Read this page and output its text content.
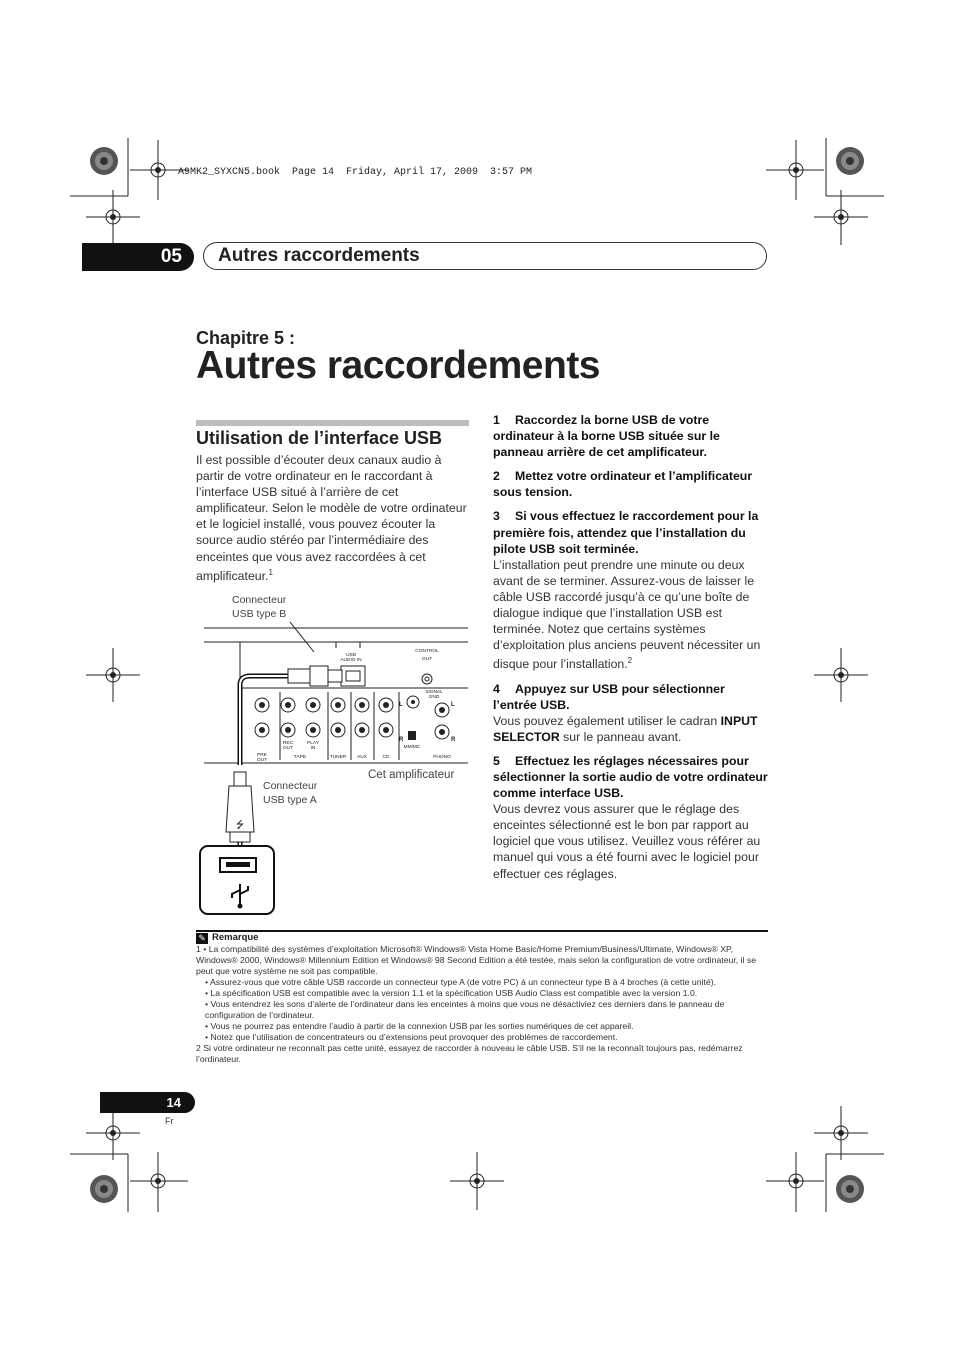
A9MK2_SYXCN5.book  Page 14  Friday, April 17, 2009  3:57 PM
05	Autres raccordements
Chapitre 5 :
Autres raccordements
Utilisation de l’interface USB
Il est possible d’écouter deux canaux audio à partir de votre ordinateur en le raccordant à l’interface USB situé à l’arrière de cet amplificateur. Selon le modèle de votre ordinateur et le logiciel installé, vous pouvez écouter la source audio stéréo par l’intermédiaire des enceintes que vous avez raccordées à cet amplificateur.$^1$
Connecteur
USB type B
Connecteur
USB type A
Cet amplificateur
⭍
USB
AUDIO IN
CONTROL
OUT
SIGNAL
GND
MM/MC
PRE
OUT
REC
OUT
PLAY
IN
TAPE	TUNER AUX	CD	PHONO
L	L
R	R

1 Raccordez la borne USB de votre ordinateur à la borne USB située sur le panneau arrière de cet amplificateur.

2 Mettez votre ordinateur et l’amplificateur sous tension.

3 Si vous effectuez le raccordement pour la première fois, attendez que l’installation du pilote USB soit terminée.

L’installation peut prendre une minute ou deux avant de se terminer. Assurez-vous de laisser le câble USB raccordé jusqu’à ce qu’une boîte de dialogue indique que l’installation USB est terminée. Notez que certains systèmes d’exploitation plus anciens peuvent nécessiter un disque pour l’installation.$^2$

4 Appuyez sur USB pour sélectionner l’entrée USB.

Vous pouvez également utiliser le cadran INPUT SELECTOR sur le panneau avant.

5 Effectuez les réglages nécessaires pour sélectionner la sortie audio de votre ordinateur comme interface USB.

Vous devrez vous assurer que le réglage des enceintes sélectionné est le bon par rapport au logiciel que vous utilisez. Veuillez vous référer au manuel qui vous a été fourni avec le logiciel pour effectuer ces réglages.

✎ Remarque

1 • La compatibilité des systèmes d’exploitation Microsoft® Windows® Vista Home Basic/Home Premium/Business/Ultimate, Windows® XP, Windows® 2000, Windows® Millennium Edition et Windows® 98 Second Edition a été testée, mais selon la configuration de votre ordinateur, il se peut que votre système ne soit pas compatible.

• Assurez-vous que votre câble USB raccorde un connecteur type A (de votre PC) à un connecteur type B à 4 broches (à cette unité).

• La spécification USB est compatible avec la version 1.1 et la spécification USB Audio Class est compatible avec la version 1.0.

• Vous entendrez les sons d’alerte de l’ordinateur dans les enceintes à moins que vous ne désactiviez ces derniers dans le panneau de configuration de l’ordinateur.

• Vous ne pourrez pas entendre l’audio à partir de la connexion USB par les sorties numériques de cet appareil.

• Notez que l’utilisation de concentrateurs ou d’extensions peut provoquer des problèmes de raccordement.

2 Si votre ordinateur ne reconnaît pas cette unité, essayez de raccorder à nouveau le câble USB. S’il ne la reconnaît toujours pas, redémarrez l’ordinateur.

14
Fr
